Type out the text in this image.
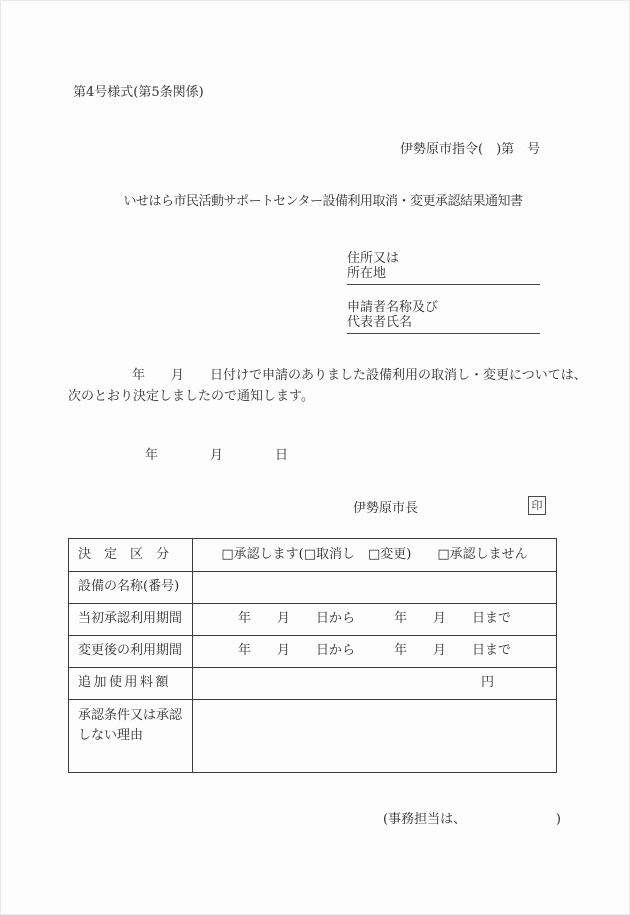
第4号様式(第5条関係)
伊勢原市指令(　)第　号
いせはら市民活動サポートセンター設備利用取消・変更承認結果通知書
住所又は
所在地
申請者名称及び
代表者氏名
年　　月　　日付けで申請のありました設備利用の取消し・変更については、
次のとおり決定しましたので通知します。
年　　　　月　　　　日
伊勢原市長	印
決　定　区　分	□承認します(□取消し　□変更)　　□承認しません
設備の名称(番号)
当初承認利用期間	年　　月　　日から　　　年　　月　　日まで
変更後の利用期間	年　　月　　日から　　　年　　月　　日まで
追加使用料額	円
承認条件又は承認しない理由
(事務担当は、	)
